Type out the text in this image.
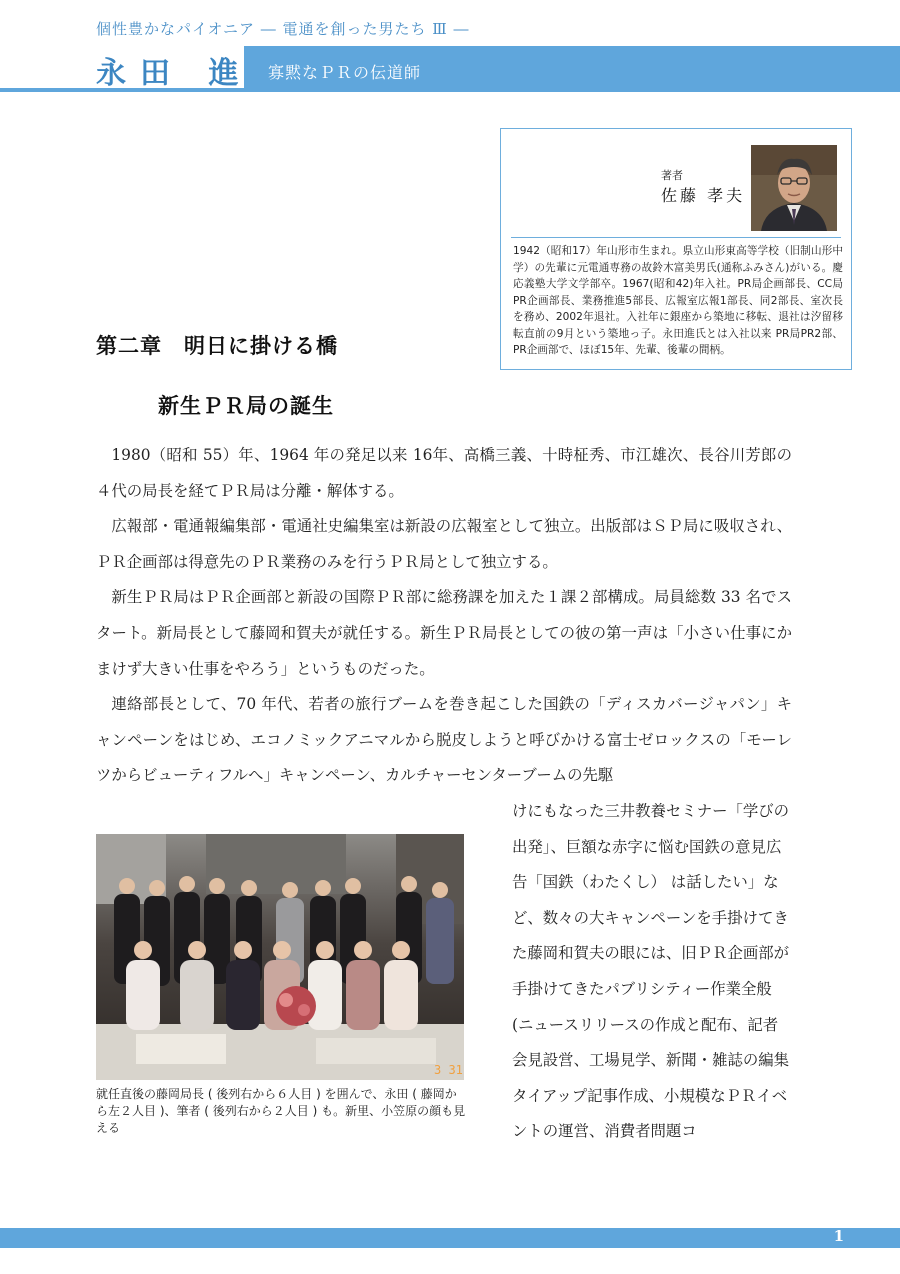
個性豊かなパイオニア ― 電通を創った男たち Ⅲ ―
永田 進 寡黙なＰＲの伝道師
著者
佐藤 孝夫
1942（昭和17）年山形市生まれ。県立山形東高等学校（旧制山形中学）の先輩に元電通専務の故鈴木富美男氏(通称ふみさん)がいる。慶応義塾大学文学部卒。1967(昭和42)年入社。PR局企画部長、CC局PR企画部長、業務推進5部長、広報室広報1部長、同2部長、室次長を務め、2002年退社。入社年に銀座から築地に移転、退社は汐留移転直前の9月という築地っ子。永田進氏とは入社以来 PR局PR2部、PR企画部で、ほぼ15年、先輩、後輩の間柄。
第二章　明日に掛ける橋
新生ＰＲ局の誕生

1980（昭和 55）年、1964 年の発足以来 16年、高橋三義、十時柾秀、市江雄次、長谷川芳郎の４代の局長を経てＰＲ局は分離・解体する。

広報部・電通報編集部・電通社史編集室は新設の広報室として独立。出版部はＳＰ局に吸収され、ＰＲ企画部は得意先のＰＲ業務のみを行うＰＲ局として独立する。

新生ＰＲ局はＰＲ企画部と新設の国際ＰＲ部に総務課を加えた１課２部構成。局員総数 33 名でスタート。新局長として藤岡和賀夫が就任する。新生ＰＲ局長としての彼の第一声は「小さい仕事にかまけず大きい仕事をやろう」というものだった。

連絡部長として、70 年代、若者の旅行ブームを巻き起こした国鉄の「ディスカバージャパン」キャンペーンをはじめ、エコノミックアニマルから脱皮しようと呼びかける富士ゼロックスの「モーレツからビューティフルへ」キャンペーン、カルチャーセンターブームの先駆

けにもなった三井教養セミナー「学びの出発」、巨額な赤字に悩む国鉄の意見広告「国鉄（わたくし） は話したい」など、数々の大キャンペーンを手掛けてきた藤岡和賀夫の眼には、旧ＰＲ企画部が手掛けてきたパブリシティー作業全般(ニュースリリースの作成と配布、記者会見設営、工場見学、新聞・雑誌の編集タイアップ記事作成、小規模なＰＲイベントの運営、消費者問題コ

3 31
就任直後の藤岡局長 ( 後列右から６人目 ) を囲んで、永田 ( 藤岡から左２人目 )、筆者 ( 後列右から２人目 ) も。新里、小笠原の顔も見える
1
